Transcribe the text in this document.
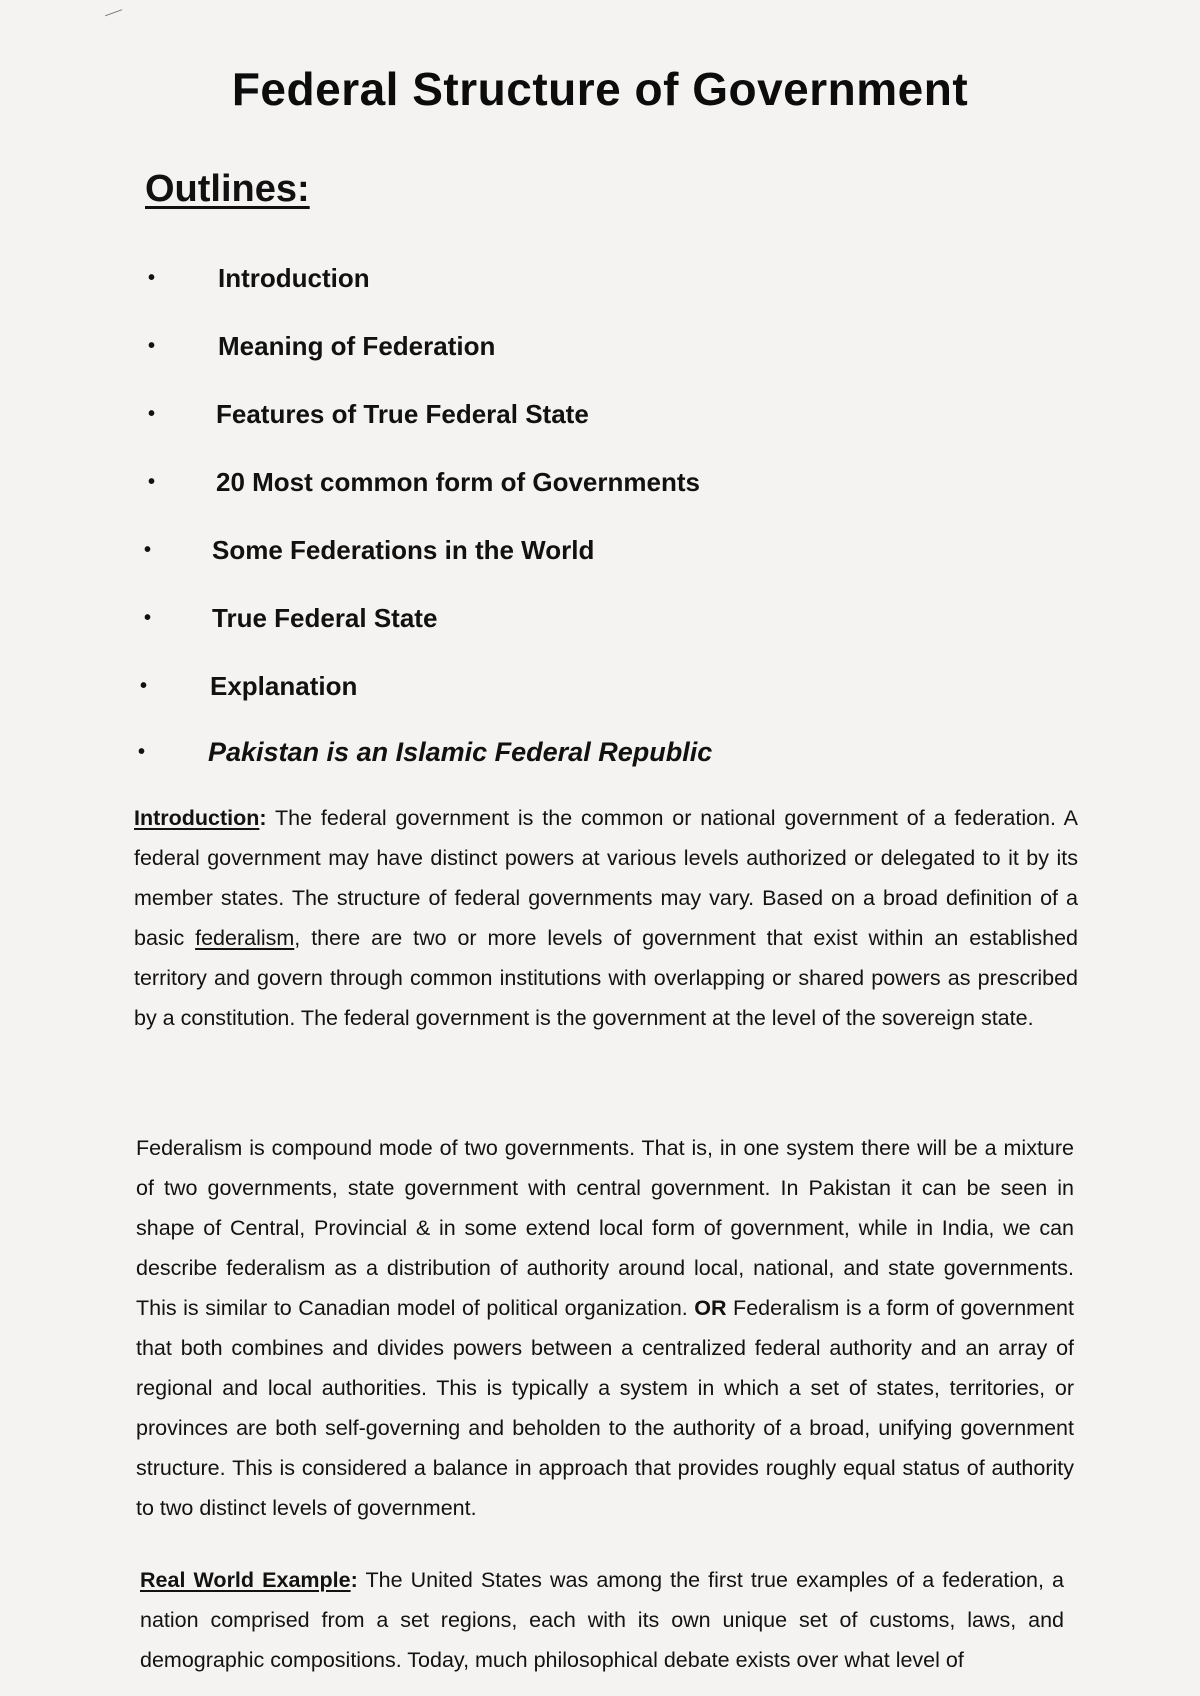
Federal Structure of Government
Outlines:
• Introduction
• Meaning of Federation
• Features of True Federal State
• 20 Most common form of Governments
• Some Federations in the World
• True Federal State
• Explanation
• Pakistan is an Islamic Federal Republic
Introduction: The federal government is the common or national government of a federation. A federal government may have distinct powers at various levels authorized or delegated to it by its member states. The structure of federal governments may vary. Based on a broad definition of a basic federalism, there are two or more levels of government that exist within an established territory and govern through common institutions with overlapping or shared powers as prescribed by a constitution. The federal government is the government at the level of the sovereign state.
Federalism is compound mode of two governments. That is, in one system there will be a mixture of two governments, state government with central government. In Pakistan it can be seen in shape of Central, Provincial & in some extend local form of government, while in India, we can describe federalism as a distribution of authority around local, national, and state governments. This is similar to Canadian model of political organization. OR Federalism is a form of government that both combines and divides powers between a centralized federal authority and an array of regional and local authorities. This is typically a system in which a set of states, territories, or provinces are both self-governing and beholden to the authority of a broad, unifying government structure. This is considered a balance in approach that provides roughly equal status of authority to two distinct levels of government.
Real World Example: The United States was among the first true examples of a federation, a nation comprised from a set regions, each with its own unique set of customs, laws, and demographic compositions. Today, much philosophical debate exists over what level of
